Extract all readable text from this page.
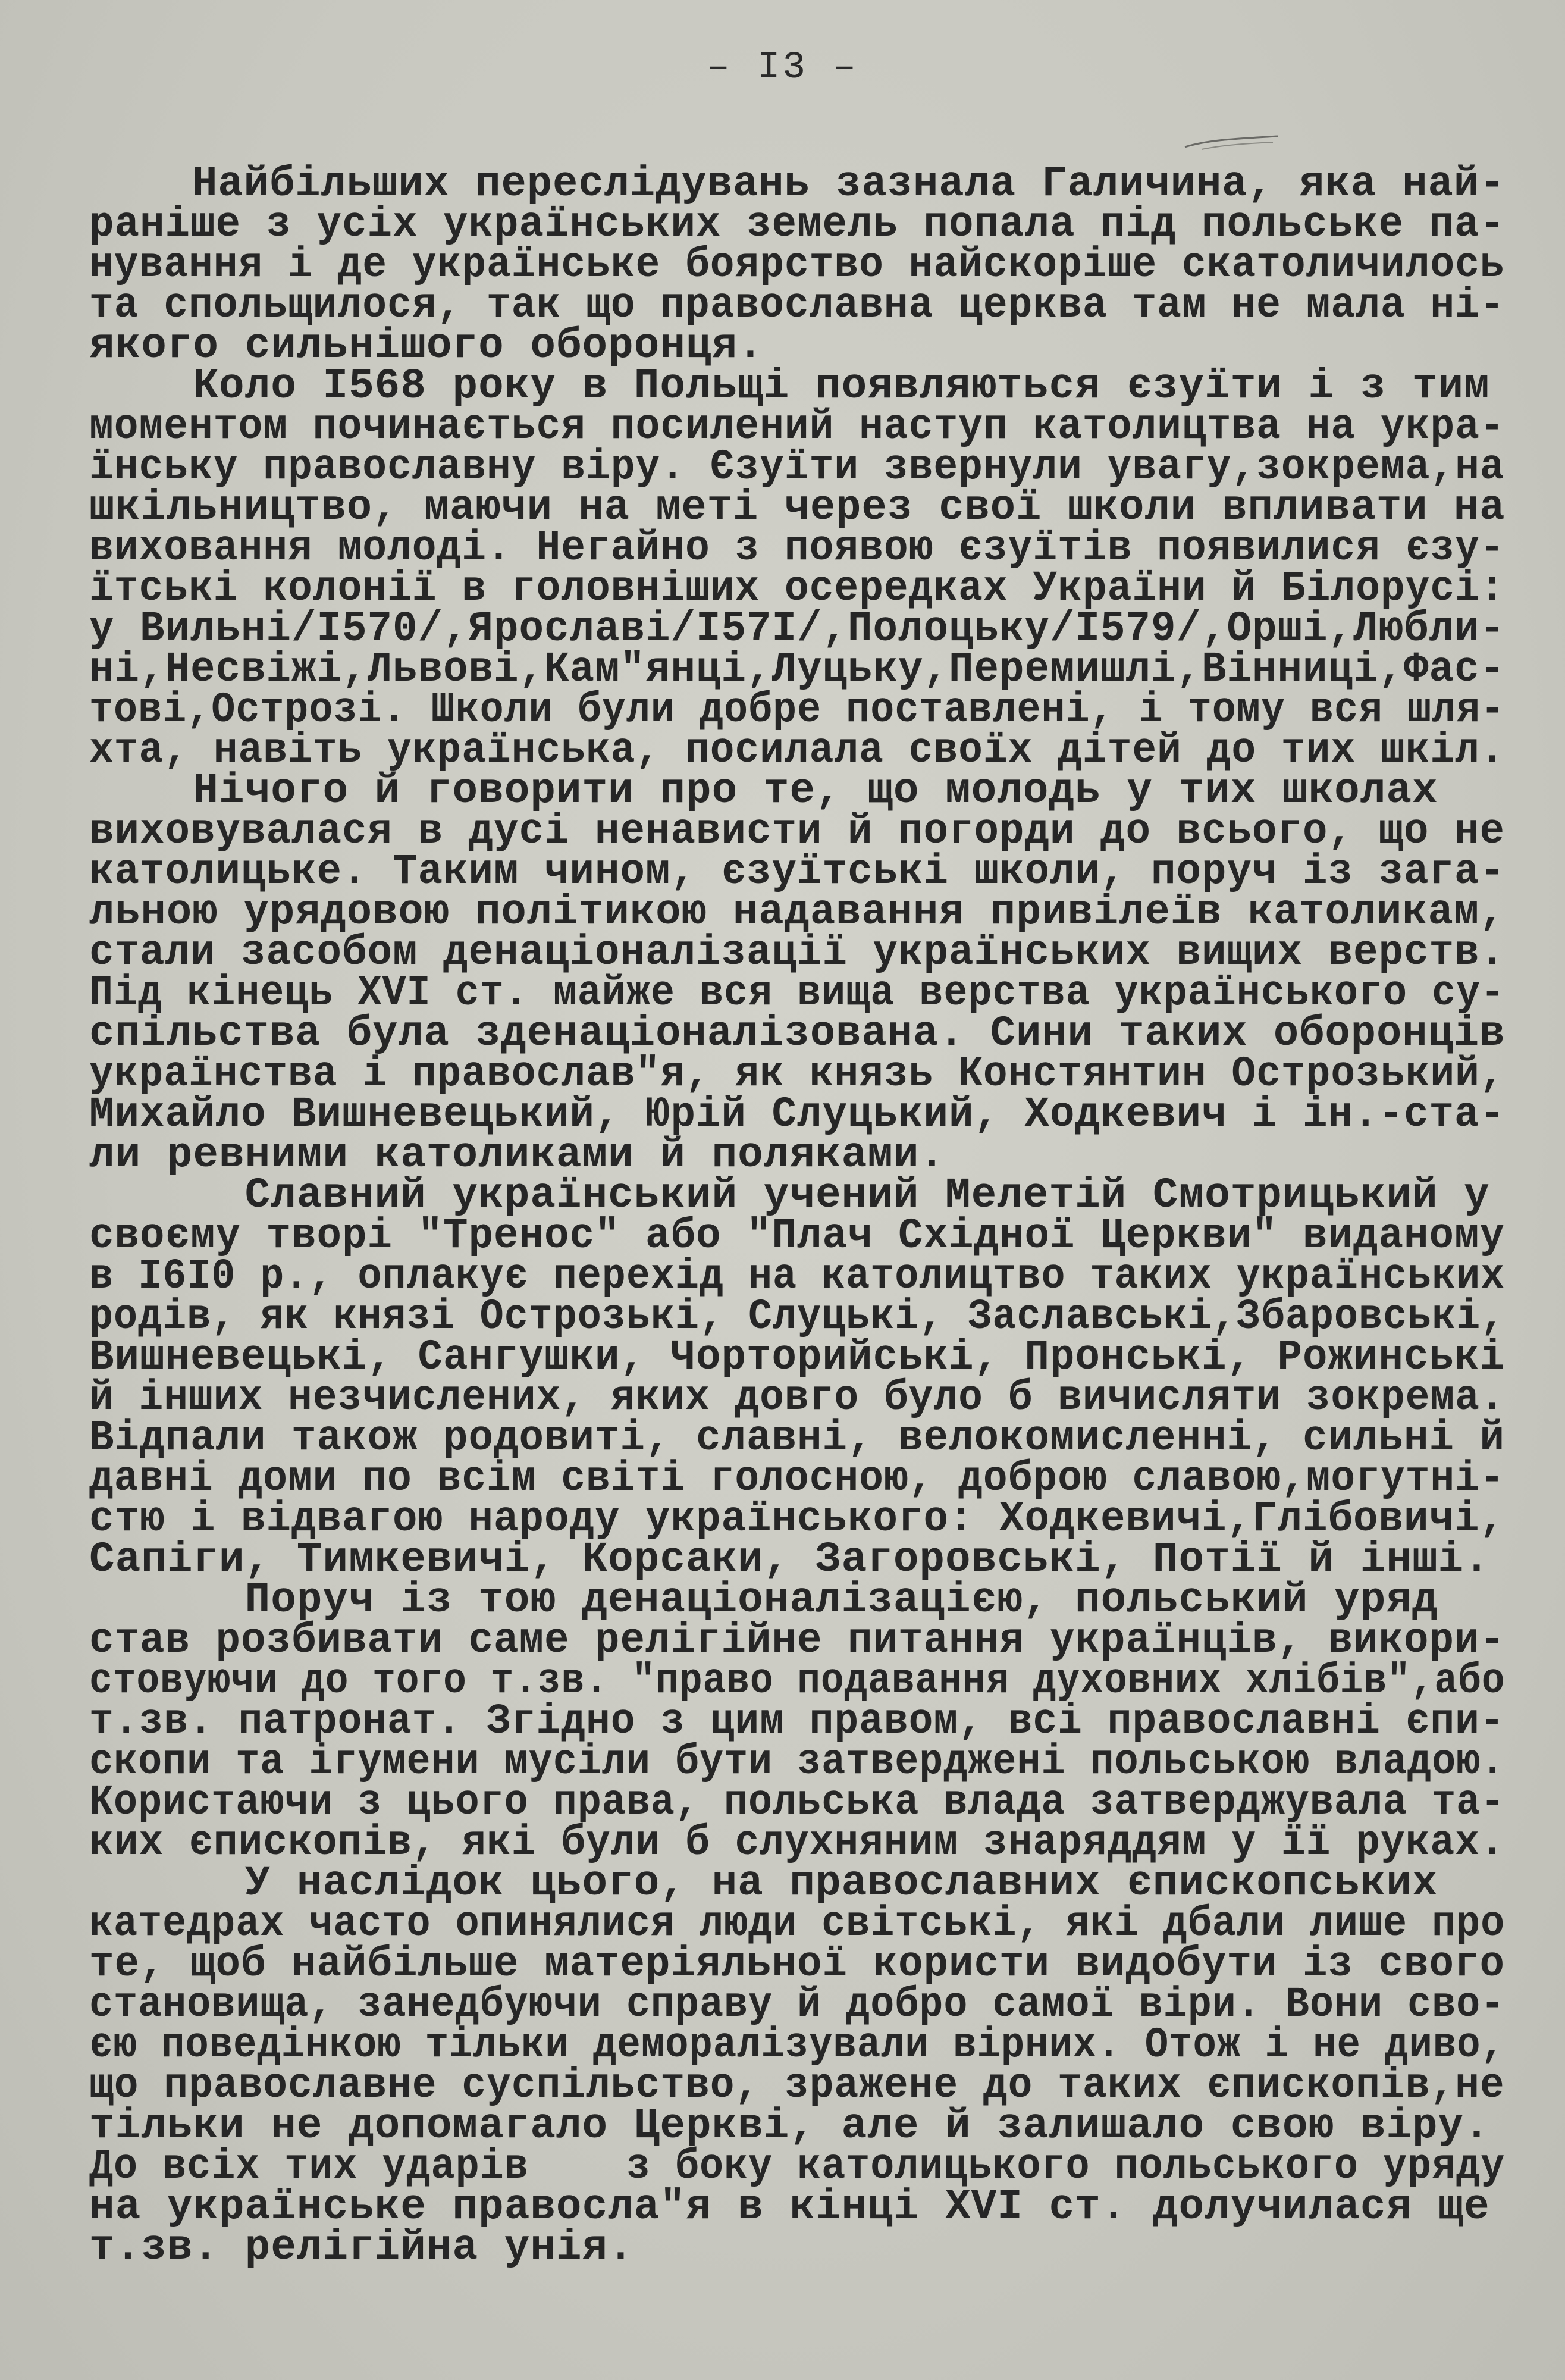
– I3 –
Найбільших переслідувань зазнала Галичина, яка най-
раніше з усіх українських земель попала під польське па-
нування і де українське боярство найскоріше скатоличилось
та спольщилося, так що православна церква там не мала ні-
якого сильнішого оборонця.
Коло I568 року в Польщі появляються єзуїти і з тим
моментом починається посилений наступ католицтва на укра-
їнську православну віру. Єзуїти звернули увагу,зокрема,на
шкільництво, маючи на меті через свої школи впливати на
виховання молоді. Негайно з появою єзуїтів появилися єзу-
їтські колонії в головніших осередках України й Білорусі:
у Вильні/I570/,Ярославі/I57I/,Полоцьку/I579/,Орші,Любли-
ні,Несвіжі,Львові,Кам"янці,Луцьку,Перемишлі,Вінниці,Фас-
тові,Острозі. Школи були добре поставлені, і тому вся шля-
хта, навіть українська, посилала своїх дітей до тих шкіл.
Нічого й говорити про те, що молодь у тих школах
виховувалася в дусі ненависти й погорди до всього, що не
католицьке. Таким чином, єзуїтські школи, поруч із зага-
льною урядовою політикою надавання привілеїв католикам,
стали засобом денаціоналізації українських вищих верств.
Під кінець XVI ст. майже вся вища верства українського су-
спільства була зденаціоналізована. Сини таких оборонців
українства і православ"я, як князь Констянтин Острозький,
Михайло Вишневецький, Юрій Слуцький, Ходкевич і ін.-ста-
ли ревними католиками й поляками.
Славний український учений Мелетій Смотрицький у
своєму творі "Тренос" або "Плач Східної Церкви" виданому
в I6I0 р., оплакує перехід на католицтво таких українських
родів, як князі Острозькі, Слуцькі, Заславські,Збаровські,
Вишневецькі, Сангушки, Чорторийські, Пронські, Рожинські
й інших незчислених, яких довго було б вичисляти зокрема.
Відпали також родовиті, славні, велокомисленні, сильні й
давні доми по всім світі голосною, доброю славою,могутні-
стю і відвагою народу українського: Ходкевичі,Глібовичі,
Сапіги, Тимкевичі, Корсаки, Загоровські, Потії й інші.
Поруч із тою денаціоналізацією, польський уряд
став розбивати саме релігійне питання українців, викори-
стовуючи до того т.зв. "право подавання духовних хлібів",або
т.зв. патронат. Згідно з цим правом, всі православні єпи-
скопи та ігумени мусіли бути затверджені польською владою.
Користаючи з цього права, польська влада затверджувала та-
ких єпископів, які були б слухняним знаряддям у її руках.
У наслідок цього, на православних єпископських
катедрах часто опинялися люди світські, які дбали лише про
те, щоб найбільше матеріяльної користи видобути із свого
становища, занедбуючи справу й добро самої віри. Вони сво-
єю поведінкою тільки деморалізували вірних. Отож і не диво,
що православне суспільство, зражене до таких єпископів,не
тільки не допомагало Церкві, але й залишало свою віру.
До всіх тих ударів    з боку католицького польського уряду
на українське правосла"я в кінці XVI ст. долучилася ще
т.зв. релігійна унія.
